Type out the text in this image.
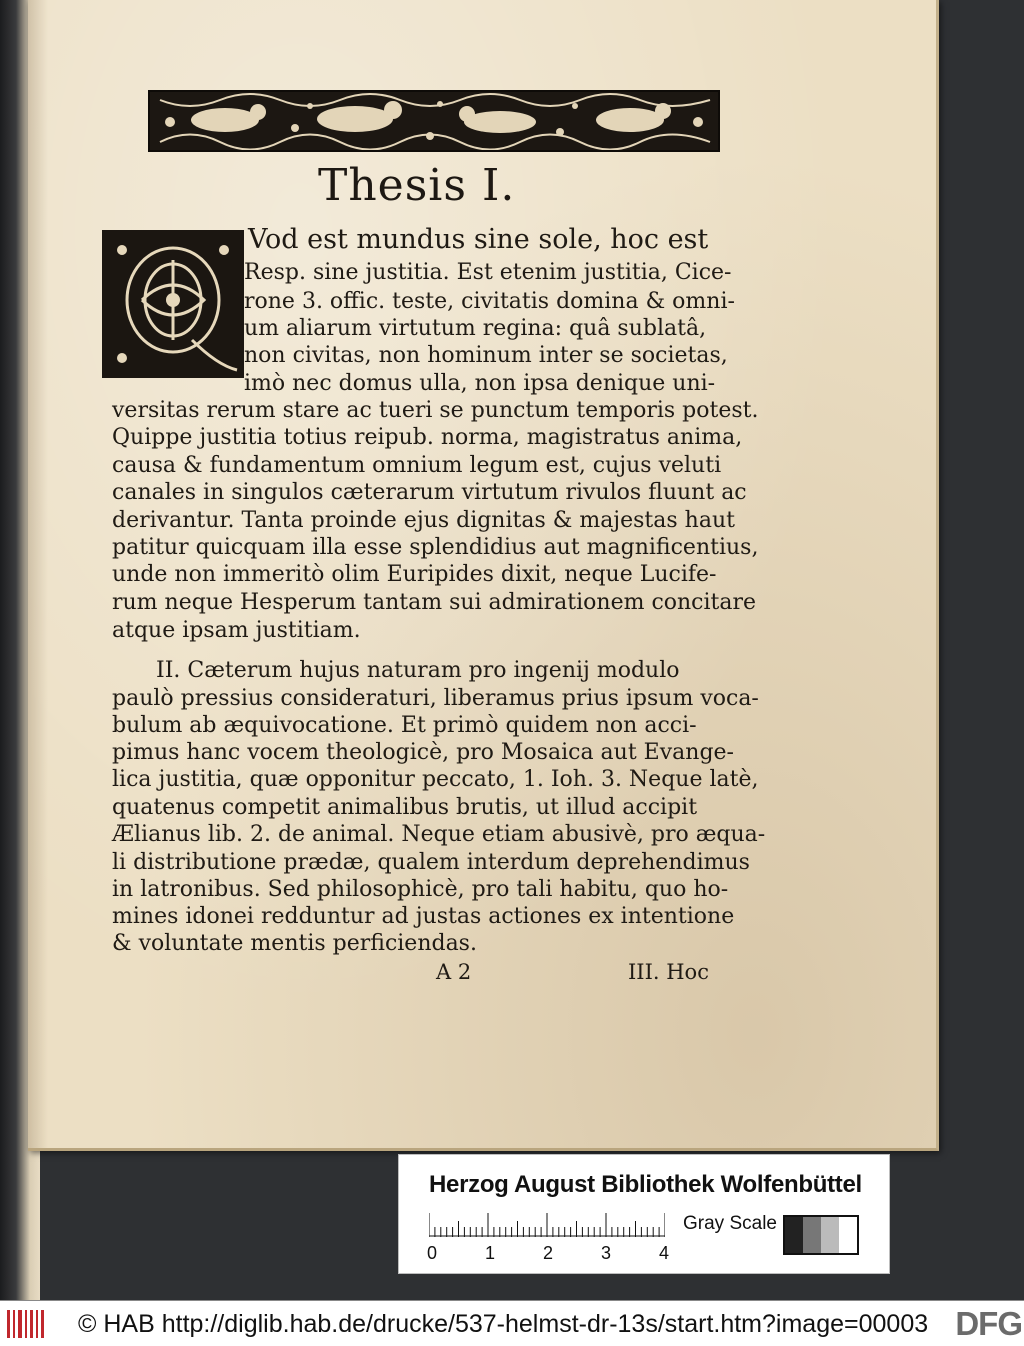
Thesis I.
Vod est mundus sine sole, hoc est
Resp. sine justitia. Est etenim justitia, Cice-
rone 3. offic. teste, civitatis domina & omni-
um aliarum virtutum regina: quâ sublatâ,
non civitas, non hominum inter se societas,
imò nec domus ulla, non ipsa denique uni-
versitas rerum stare ac tueri se punctum temporis potest.
Quippe justitia totius reipub. norma, magistratus anima,
causa & fundamentum omnium legum est, cujus veluti
canales in singulos cæterarum virtutum rivulos fluunt ac
derivantur. Tanta proinde ejus dignitas & majestas haut
patitur quicquam illa esse splendidius aut magnificentius,
unde non immeritò olim Euripides dixit, neque Lucife-
rum neque Hesperum tantam sui admirationem concitare
atque ipsam justitiam.
II. Cæterum hujus naturam pro ingenij modulo
paulò pressius consideraturi, liberamus prius ipsum voca-
bulum ab æquivocatione. Et primò quidem non acci-
pimus hanc vocem theologicè, pro Mosaica aut Evange-
lica justitia, quæ opponitur peccato, 1. Ioh. 3. Neque latè,
quatenus competit animalibus brutis, ut illud accipit
Ælianus lib. 2. de animal. Neque etiam abusivè, pro æqua-
li distributione prædæ, qualem interdum deprehendimus
in latronibus. Sed philosophicè, pro tali habitu, quo ho-
mines idonei redduntur ad justas actiones ex intentione
& voluntate mentis perficiendas.
A 2	III. Hoc
Herzog August Bibliothek Wolfenbüttel
0	1	2	3	4
Gray Scale
© HAB http://diglib.hab.de/drucke/537-helmst-dr-13s/start.htm?image=00003 DFG
